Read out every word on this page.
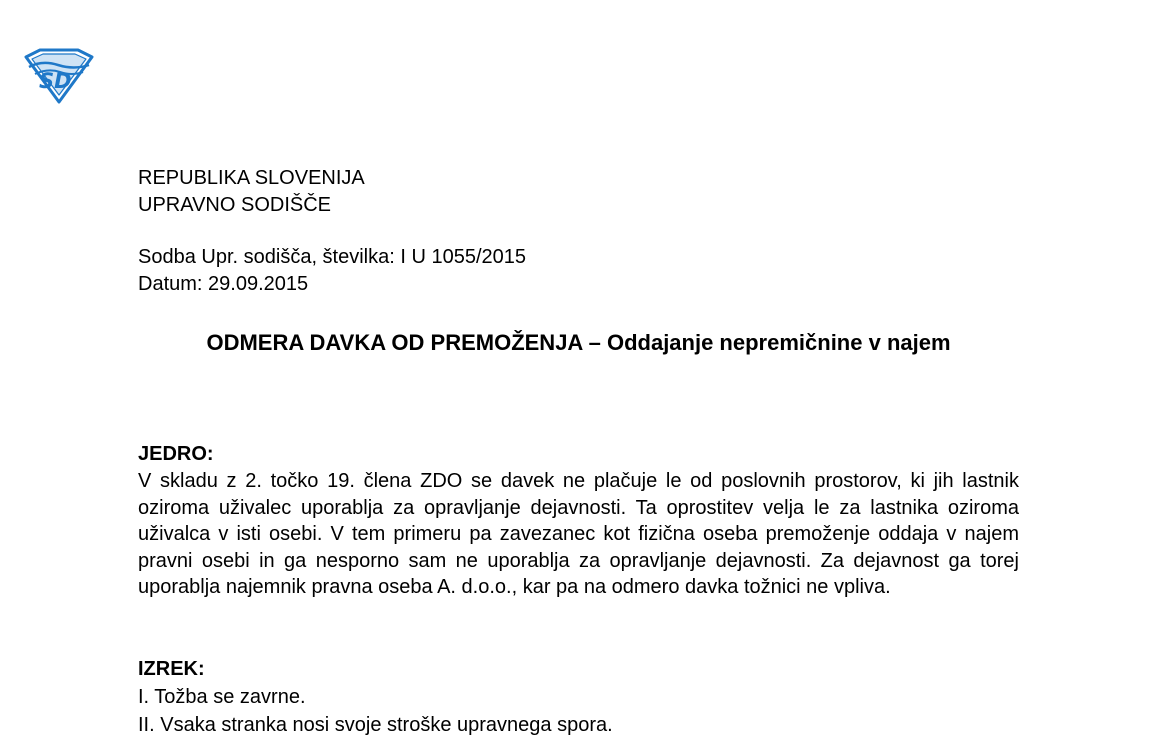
SD
REPUBLIKA SLOVENIJA
UPRAVNO SODIŠČE
Sodba Upr. sodišča, številka: I U 1055/2015
Datum: 29.09.2015
ODMERA DAVKA OD PREMOŽENJA – Oddajanje nepremičnine v najem
JEDRO:
V skladu z 2. točko 19. člena ZDO se davek ne plačuje le od poslovnih prostorov, ki jih lastnik oziroma uživalec uporablja za opravljanje dejavnosti. Ta oprostitev velja le za lastnika oziroma uživalca v isti osebi. V tem primeru pa zavezanec kot fizična oseba premoženje oddaja v najem pravni osebi in ga nesporno sam ne uporablja za opravljanje dejavnosti. Za dejavnost ga torej uporablja najemnik pravna oseba A. d.o.o., kar pa na odmero davka tožnici ne vpliva.
IZREK:
I. Tožba se zavrne.
II. Vsaka stranka nosi svoje stroške upravnega spora.
